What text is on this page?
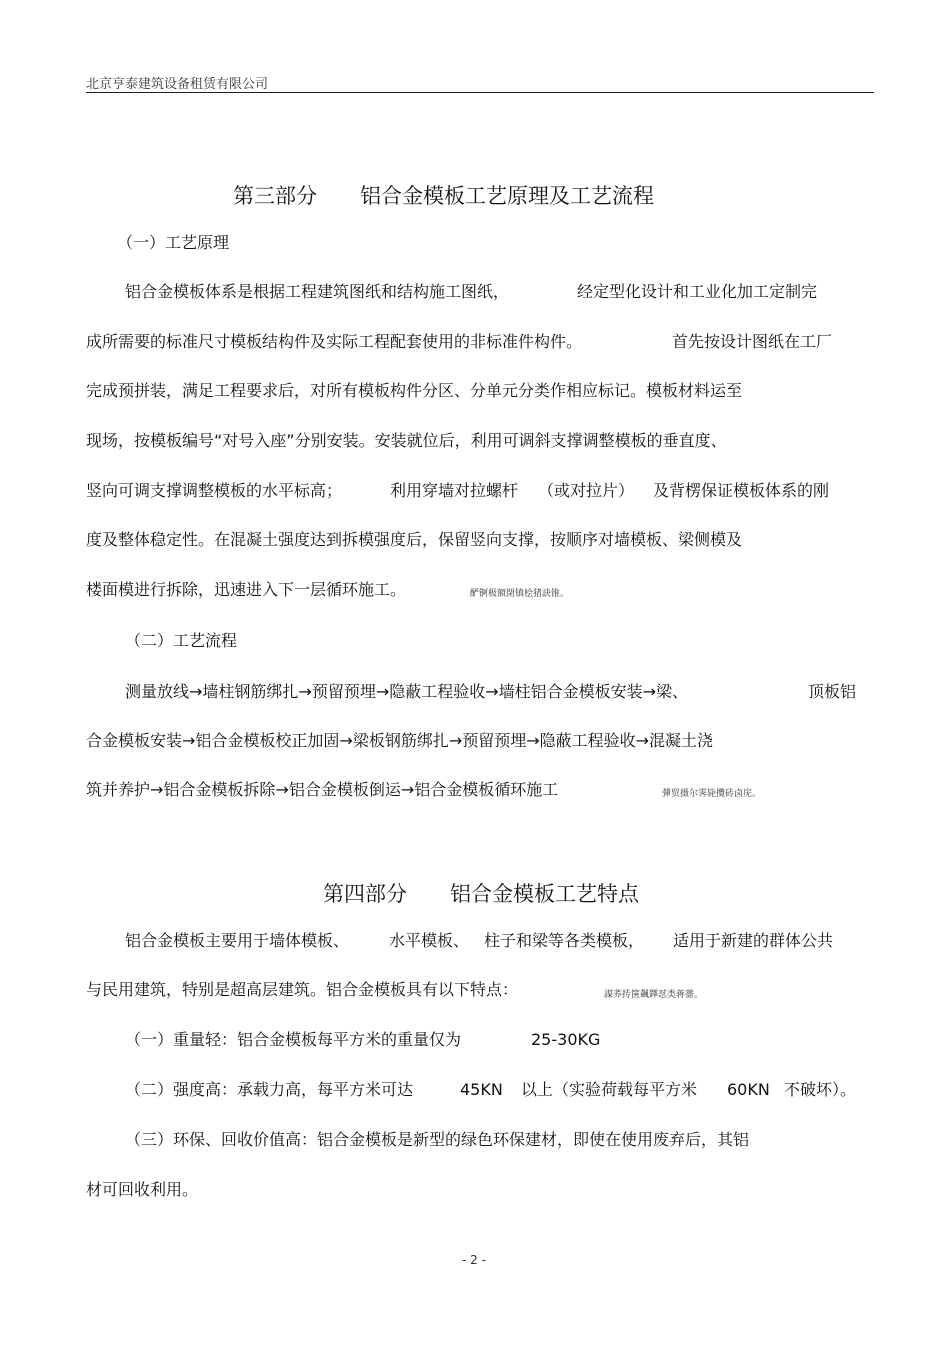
北京亨泰建筑设备租赁有限公司
第三部分 铝合金模板工艺原理及工艺流程
（一）工艺原理
铝合金模板体系是根据工程建筑图纸和结构施工图纸，	经定型化设计和工业化加工定制完
成所需要的标准尺寸模板结构件及实际工程配套使用的非标准件构件。	首先按设计图纸在工厂
完成预拼装，满足工程要求后，对所有模板构件分区、分单元分类作相应标记。模板材料运至
现场，按模板编号“对号入座”分别安装。安装就位后，利用可调斜支撑调整模板的垂直度、
竖向可调支撑调整模板的水平标高；	利用穿墙对拉螺杆 （或对拉片） 及背楞保证模板体系的刚
度及整体稳定性。在混凝土强度达到拆模强度后，保留竖向支撑，按顺序对墙模板、梁侧模及
楼面模进行拆除，迅速进入下一层循环施工。	酽锕极額閉镇桧猪訣锥。
（二）工艺流程
测量放线→墙柱钢筋绑扎→预留预埋→隐蔽工程验收→墙柱铝合金模板安装→梁、	顶板铝
合金模板安装→铝合金模板校正加固→梁板钢筋绑扎→预留预埋→隐蔽工程验收→混凝土浇
筑并养护→铝合金模板拆除→铝合金模板倒运→铝合金模板循环施工	彈贸摄尔霁毙攬砖卤庑。
第四部分 铝合金模板工艺特点
铝合金模板主要用于墙体模板、 水平模板、 柱子和梁等各类模板， 适用于新建的群体公共
与民用建筑，特别是超高层建筑。铝合金模板具有以下特点：	謀荞抟箧飆鐸怼类蒋薔。
（一）重量轻：铝合金模板每平方米的重量仅为	25-30KG
（二）强度高：承载力高，每平方米可达	45KN 以上（实验荷载每平方米 60KN 不破坏）。
（三）环保、回收价值高：铝合金模板是新型的绿色环保建材，即使在使用废弃后，其铝
材可回收利用。
- 2 -
